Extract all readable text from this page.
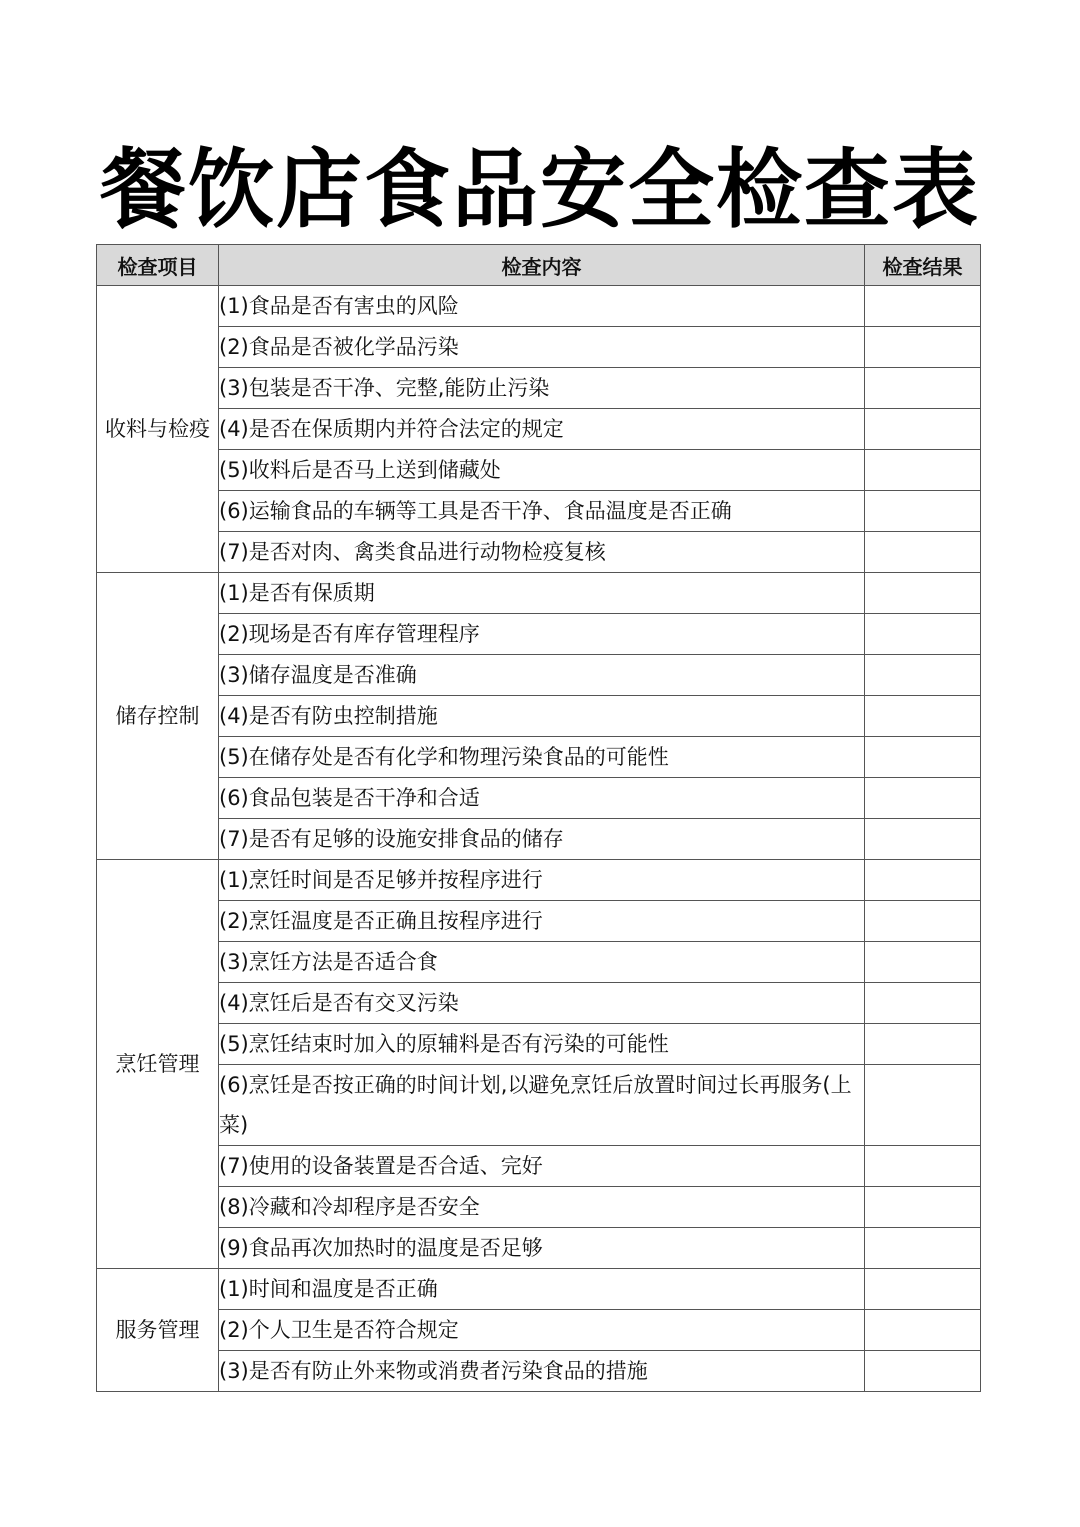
餐饮店食品安全检查表
检查项目	检查内容	检查结果
收料与检疫	(1)食品是否有害虫的风险	
	(2)食品是否被化学品污染	
	(3)包装是否干净、完整,能防止污染	
	(4)是否在保质期内并符合法定的规定	
	(5)收料后是否马上送到储藏处	
	(6)运输食品的车辆等工具是否干净、食品温度是否正确	
	(7)是否对肉、禽类食品进行动物检疫复核	
储存控制	(1)是否有保质期	
	(2)现场是否有库存管理程序	
	(3)储存温度是否准确	
	(4)是否有防虫控制措施	
	(5)在储存处是否有化学和物理污染食品的可能性	
	(6)食品包装是否干净和合适	
	(7)是否有足够的设施安排食品的储存	
烹饪管理	(1)烹饪时间是否足够并按程序进行	
	(2)烹饪温度是否正确且按程序进行	
	(3)烹饪方法是否适合食	
	(4)烹饪后是否有交叉污染	
	(5)烹饪结束时加入的原辅料是否有污染的可能性	
	(6)烹饪是否按正确的时间计划,以避免烹饪后放置时间过长再服务(上菜)	
	(7)使用的设备装置是否合适、完好	
	(8)冷藏和冷却程序是否安全	
	(9)食品再次加热时的温度是否足够	
服务管理	(1)时间和温度是否正确	
	(2)个人卫生是否符合规定	
	(3)是否有防止外来物或消费者污染食品的措施	
